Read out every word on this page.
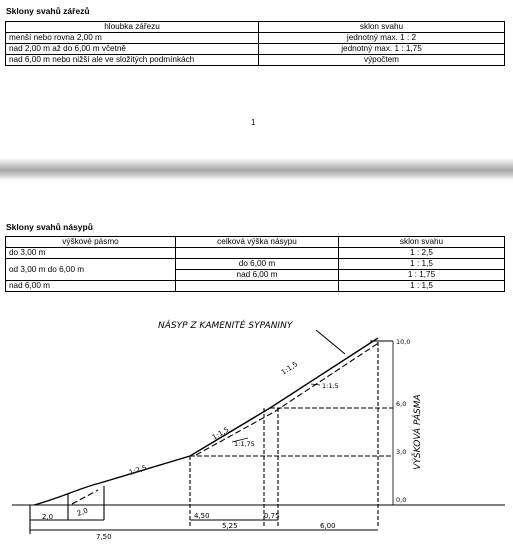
Sklony svahů zářezů

hloubka zářezu	sklon svahu
menší nebo rovna 2,00 m	jednotný max. 1 : 2
nad 2,00 m až do 6,00 m včetně	jednotný max. 1 : 1,75
nad 6,00 m nebo nižší ale ve složitých podmínkách	výpočtem
1

Sklony svahů násypů

výškové pásmo	celková výška násypu	sklon svahu
do 3,00 m		1 : 2,5
od 3,00 m do 6,00 m	do 6,00 m	1 : 1,5
	nad 6,00 m	1 : 1,75
nad 6,00 m		1 : 1,5
NÁSYP Z KAMENITÉ SYPANINY
VÝŠKOVÁ PÁSMA
10,0
6,0
3,0
0,0
1:2,5
1:1,5
1:1,75
1:1,5
1:1,5
2,0	2,0
7,50
4,50	0,75
5,25	6,00
